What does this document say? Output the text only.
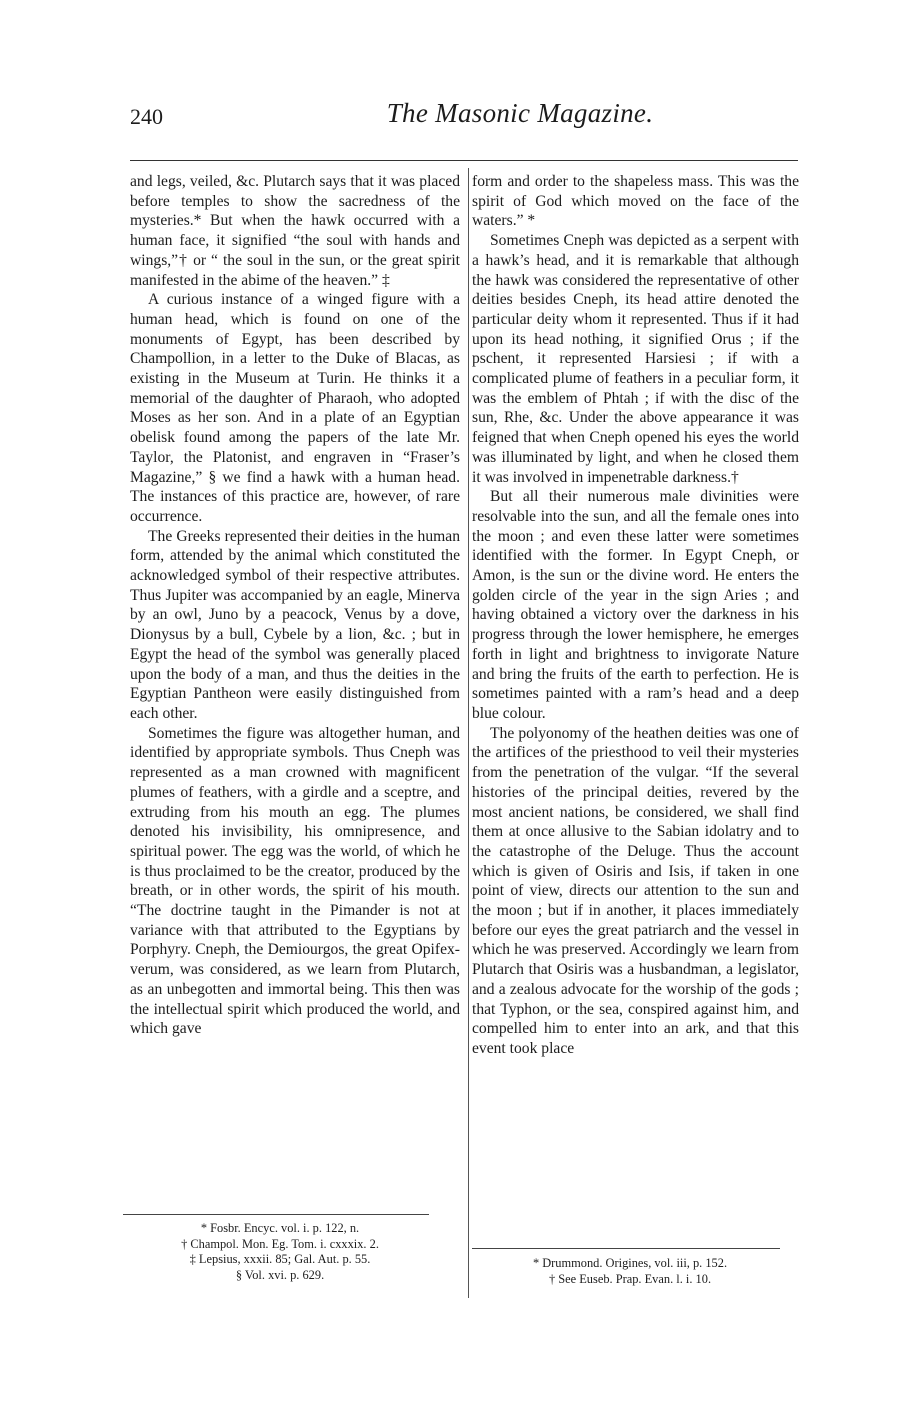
240	The Masonic Magazine.

and legs, veiled, &c. Plutarch says that it was placed before temples to show the sacredness of the mysteries.* But when the hawk occurred with a human face, it signified “the soul with hands and wings,”† or “ the soul in the sun, or the great spirit manifested in the abime of the heaven.” ‡

A curious instance of a winged figure with a human head, which is found on one of the monuments of Egypt, has been described by Champollion, in a letter to the Duke of Blacas, as existing in the Museum at Turin. He thinks it a memorial of the daughter of Pharaoh, who adopted Moses as her son. And in a plate of an Egyptian obelisk found among the papers of the late Mr. Taylor, the Platonist, and engraven in “Fraser’s Magazine,” § we find a hawk with a human head. The instances of this practice are, however, of rare occurrence.

The Greeks represented their deities in the human form, attended by the animal which constituted the acknowledged symbol of their respective attributes. Thus Jupiter was accompanied by an eagle, Minerva by an owl, Juno by a peacock, Venus by a dove, Dionysus by a bull, Cybele by a lion, &c. ; but in Egypt the head of the symbol was generally placed upon the body of a man, and thus the deities in the Egyptian Pantheon were easily distinguished from each other.

Sometimes the figure was altogether human, and identified by appropriate symbols. Thus Cneph was represented as a man crowned with magnificent plumes of feathers, with a girdle and a sceptre, and extruding from his mouth an egg. The plumes denoted his invisibility, his omnipresence, and spiritual power. The egg was the world, of which he is thus proclaimed to be the creator, produced by the breath, or in other words, the spirit of his mouth. “The doctrine taught in the Pimander is not at variance with that attributed to the Egyptians by Porphyry. Cneph, the Demiourgos, the great Opifexverum, was considered, as we learn from Plutarch, as an unbegotten and immortal being. This then was the intellectual spirit which produced the world, and which gave

form and order to the shapeless mass. This was the spirit of God which moved on the face of the waters.” *

Sometimes Cneph was depicted as a serpent with a hawk’s head, and it is remarkable that although the hawk was considered the representative of other deities besides Cneph, its head attire denoted the particular deity whom it represented. Thus if it had upon its head nothing, it signified Orus ; if the pschent, it represented Harsiesi ; if with a complicated plume of feathers in a peculiar form, it was the emblem of Phtah ; if with the disc of the sun, Rhe, &c. Under the above appearance it was feigned that when Cneph opened his eyes the world was illuminated by light, and when he closed them it was involved in impenetrable darkness.†

But all their numerous male divinities were resolvable into the sun, and all the female ones into the moon ; and even these latter were sometimes identified with the former. In Egypt Cneph, or Amon, is the sun or the divine word. He enters the golden circle of the year in the sign Aries ; and having obtained a victory over the darkness in his progress through the lower hemisphere, he emerges forth in light and brightness to invigorate Nature and bring the fruits of the earth to perfection. He is sometimes painted with a ram’s head and a deep blue colour.

The polyonomy of the heathen deities was one of the artifices of the priesthood to veil their mysteries from the penetration of the vulgar. “If the several histories of the principal deities, revered by the most ancient nations, be considered, we shall find them at once allusive to the Sabian idolatry and to the catastrophe of the Deluge. Thus the account which is given of Osiris and Isis, if taken in one point of view, directs our attention to the sun and the moon ; but if in another, it places immediately before our eyes the great patriarch and the vessel in which he was preserved. Accordingly we learn from Plutarch that Osiris was a husbandman, a legislator, and a zealous advocate for the worship of the gods ; that Typhon, or the sea, conspired against him, and compelled him to enter into an ark, and that this event took place

* Fosbr. Encyc. vol. i. p. 122, n.
† Champol. Mon. Eg. Tom. i. cxxxix. 2.
‡ Lepsius, xxxii. 85; Gal. Aut. p. 55.
§ Vol. xvi. p. 629.
* Drummond. Origines, vol. iii, p. 152.
† See Euseb. Prap. Evan. l. i. 10.
